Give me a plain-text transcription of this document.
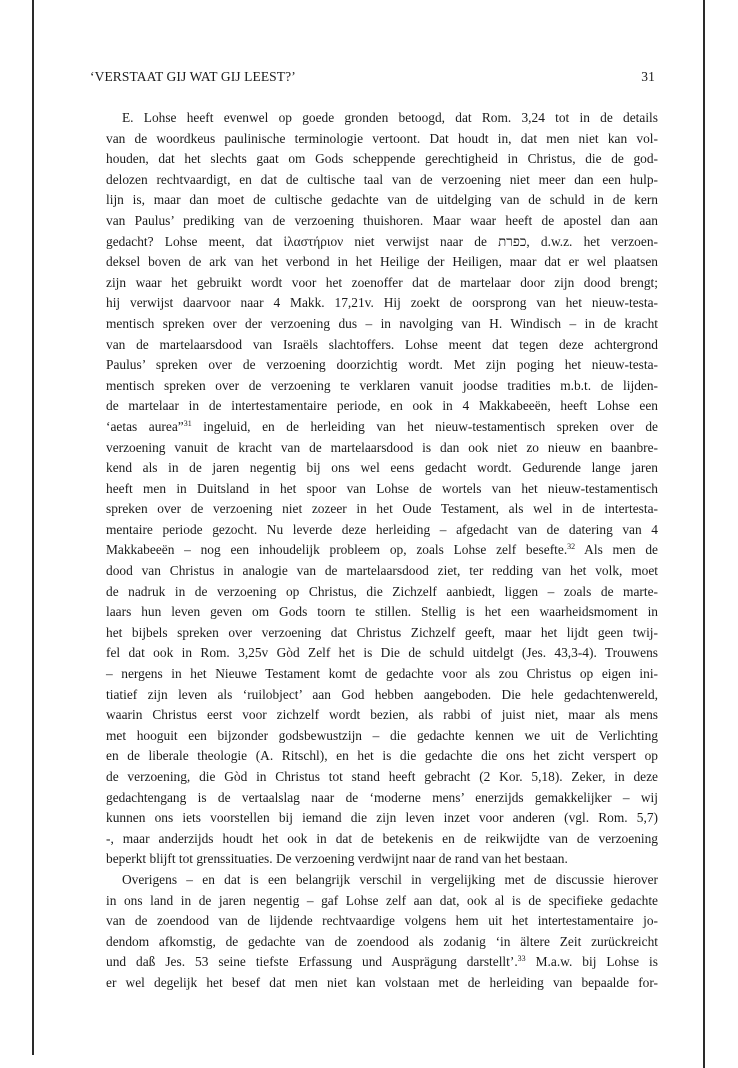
‘VERSTAAT GIJ WAT GIJ LEEST?’	31
E. Lohse heeft evenwel op goede gronden betoogd, dat Rom. 3,24 tot in de details
van de woordkeus paulinische terminologie vertoont. Dat houdt in, dat men niet kan vol-
houden, dat het slechts gaat om Gods scheppende gerechtigheid in Christus, die de god-
delozen rechtvaardigt, en dat de cultische taal van de verzoening niet meer dan een hulp-
lijn is, maar dan moet de cultische gedachte van de uitdelging van de schuld in de kern
van Paulus’ prediking van de verzoening thuishoren. Maar waar heeft de apostel dan aan
gedacht? Lohse meent, dat ἱλαστήριον niet verwijst naar de כפרת, d.w.z. het verzoen-
deksel boven de ark van het verbond in het Heilige der Heiligen, maar dat er wel plaatsen
zijn waar het gebruikt wordt voor het zoenoffer dat de martelaar door zijn dood brengt;
hij verwijst daarvoor naar 4 Makk. 17,21v. Hij zoekt de oorsprong van het nieuw-testa-
mentisch spreken over der verzoening dus – in navolging van H. Windisch – in de kracht
van de martelaarsdood van Israëls slachtoffers. Lohse meent dat tegen deze achtergrond
Paulus’ spreken over de verzoening doorzichtig wordt. Met zijn poging het nieuw-testa-
mentisch spreken over de verzoening te verklaren vanuit joodse tradities m.b.t. de lijden-
de martelaar in de intertestamentaire periode, en ook in 4 Makkabeeën, heeft Lohse een
‘aetas aurea”$^{31}$ ingeluid, en de herleiding van het nieuw-testamentisch spreken over de
verzoening vanuit de kracht van de martelaarsdood is dan ook niet zo nieuw en baanbre-
kend als in de jaren negentig bij ons wel eens gedacht wordt. Gedurende lange jaren
heeft men in Duitsland in het spoor van Lohse de wortels van het nieuw-testamentisch
spreken over de verzoening niet zozeer in het Oude Testament, als wel in de intertesta-
mentaire periode gezocht. Nu leverde deze herleiding – afgedacht van de datering van 4
Makkabeeën – nog een inhoudelijk probleem op, zoals Lohse zelf besefte.$^{32}$ Als men de
dood van Christus in analogie van de martelaarsdood ziet, ter redding van het volk, moet
de nadruk in de verzoening op Christus, die Zichzelf aanbiedt, liggen – zoals de marte-
laars hun leven geven om Gods toorn te stillen. Stellig is het een waarheidsmoment in
het bijbels spreken over verzoening dat Christus Zichzelf geeft, maar het lijdt geen twij-
fel dat ook in Rom. 3,25v Gòd Zelf het is Die de schuld uitdelgt (Jes. 43,3-4). Trouwens
– nergens in het Nieuwe Testament komt de gedachte voor als zou Christus op eigen ini-
tiatief zijn leven als ‘ruilobject’ aan God hebben aangeboden. Die hele gedachtenwereld,
waarin Christus eerst voor zichzelf wordt bezien, als rabbi of juist niet, maar als mens
met hooguit een bijzonder godsbewustzijn – die gedachte kennen we uit de Verlichting
en de liberale theologie (A. Ritschl), en het is die gedachte die ons het zicht verspert op
de verzoening, die Gòd in Christus tot stand heeft gebracht (2 Kor. 5,18). Zeker, in deze
gedachtengang is de vertaalslag naar de ‘moderne mens’ enerzijds gemakkelijker – wij
kunnen ons iets voorstellen bij iemand die zijn leven inzet voor anderen (vgl. Rom. 5,7)
-, maar anderzijds houdt het ook in dat de betekenis en de reikwijdte van de verzoening
beperkt blijft tot grenssituaties. De verzoening verdwijnt naar de rand van het bestaan.
Overigens – en dat is een belangrijk verschil in vergelijking met de discussie hierover
in ons land in de jaren negentig – gaf Lohse zelf aan dat, ook al is de specifieke gedachte
van de zoendood van de lijdende rechtvaardige volgens hem uit het intertestamentaire jo-
dendom afkomstig, de gedachte van de zoendood als zodanig ‘in ältere Zeit zurückreicht
und daß Jes. 53 seine tiefste Erfassung und Ausprägung darstellt’.$^{33}$ M.a.w. bij Lohse is
er wel degelijk het besef dat men niet kan volstaan met de herleiding van bepaalde for-
